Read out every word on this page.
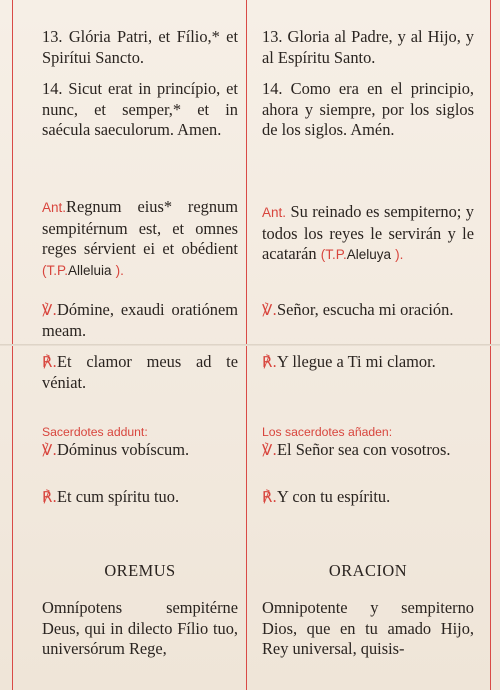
13. Glória Patri, et Fílio,* et Spirítui Sancto.
14. Sicut erat in princípio, et nunc, et semper,* et in saécula saeculorum. Amen.
Ant.Regnum eius* regnum sempitérnum est, et omnes reges sérvient ei et obédient (T.P.Alleluia ).
℣.Dómine, exaudi oratiónem meam.
℟.Et clamor meus ad te véniat.
Sacerdotes addunt:
℣.Dóminus vobíscum.
℟.Et cum spíritu tuo.
OREMUS
Omnípotens sempitérne Deus, qui in dilecto Fílio tuo, universórum Rege,
13. Gloria al Padre, y al Hijo, y al Espíritu Santo.
14. Como era en el principio, ahora y siempre, por los siglos de los siglos. Amén.
Ant. Su reinado es sempiterno; y todos los reyes le servirán y le acatarán (T.P.Aleluya ).
℣.Señor, escucha mi oración.
℟.Y llegue a Ti mi clamor.
Los sacerdotes añaden:
℣.El Señor sea con vosotros.
℟.Y con tu espíritu.
ORACION
Omnipotente y sempiterno Dios, que en tu amado Hijo, Rey universal, quisis-
